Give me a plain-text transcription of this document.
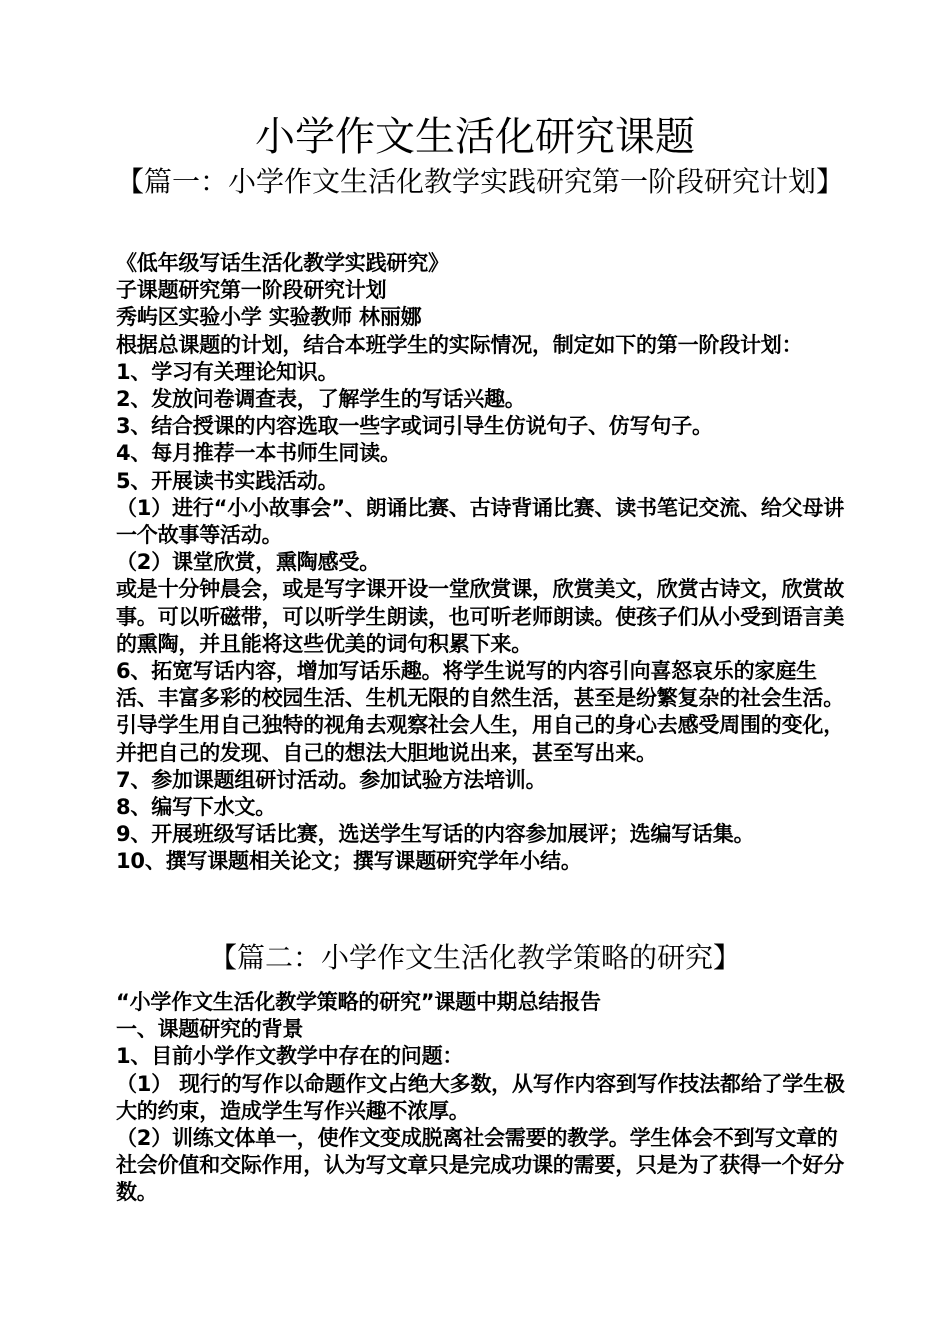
小学作文生活化研究课题
【篇一：小学作文生活化教学实践研究第一阶段研究计划】

《低年级写话生活化教学实践研究》

子课题研究第一阶段研究计划

秀屿区实验小学 实验教师 林丽娜

根据总课题的计划，结合本班学生的实际情况，制定如下的第一阶段计划：

1、学习有关理论知识。

2、发放问卷调查表，了解学生的写话兴趣。

3、结合授课的内容选取一些字或词引导生仿说句子、仿写句子。

4、每月推荐一本书师生同读。

5、开展读书实践活动。

（1）进行“小小故事会”、朗诵比赛、古诗背诵比赛、读书笔记交流、给父母讲一个故事等活动。

（2）课堂欣赏，熏陶感受。

或是十分钟晨会，或是写字课开设一堂欣赏课，欣赏美文，欣赏古诗文，欣赏故事。可以听磁带，可以听学生朗读，也可听老师朗读。使孩子们从小受到语言美的熏陶，并且能将这些优美的词句积累下来。

6、拓宽写话内容，增加写话乐趣。将学生说写的内容引向喜怒哀乐的家庭生活、丰富多彩的校园生活、生机无限的自然生活，甚至是纷繁复杂的社会生活。引导学生用自己独特的视角去观察社会人生，用自己的身心去感受周围的变化，并把自己的发现、自己的想法大胆地说出来，甚至写出来。

7、参加课题组研讨活动。参加试验方法培训。

8、编写下水文。

9、开展班级写话比赛，选送学生写话的内容参加展评；选编写话集。

10、撰写课题相关论文；撰写课题研究学年小结。

【篇二：小学作文生活化教学策略的研究】

“小学作文生活化教学策略的研究”课题中期总结报告

一、课题研究的背景

1、目前小学作文教学中存在的问题：

（1） 现行的写作以命题作文占绝大多数，从写作内容到写作技法都给了学生极大的约束，造成学生写作兴趣不浓厚。

（2）训练文体单一，使作文变成脱离社会需要的教学。学生体会不到写文章的社会价值和交际作用，认为写文章只是完成功课的需要，只是为了获得一个好分数。
